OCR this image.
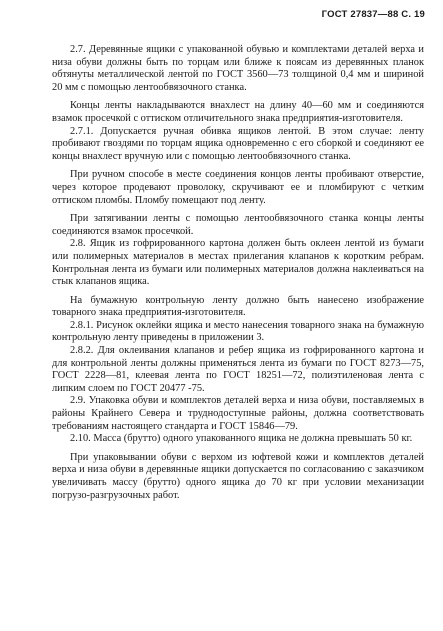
ГОСТ 27837—88 С. 19

2.7. Деревянные ящики с упакованной обувью и комплектами деталей верха и низа обуви должны быть по торцам или ближе к поясам из деревянных планок обтянуты металлической лентой по ГОСТ 3560—73 толщиной 0,4 мм и шириной 20 мм с помощью лентообвязочного станка.

Концы ленты накладываются внахлест на длину 40—60 мм и соединяются взамок просечкой с оттиском отличительного знака предприятия-изготовителя.

2.7.1. Допускается ручная обивка ящиков лентой. В этом случае: ленту пробивают гвоздями по торцам ящика одновременно с его сборкой и соединяют ее концы внахлест вручную или с помощью лентообвязочного станка.

При ручном способе в месте соединения концов ленты пробивают отверстие, через которое продевают проволоку, скручивают ее и пломбируют с четким оттиском пломбы. Пломбу помещают под ленту.

При затягивании ленты с помощью лентообвязочного станка концы ленты соединяются взамок просечкой.

2.8. Ящик из гофрированного картона должен быть оклеен лентой из бумаги или полимерных материалов в местах прилегания клапанов к коротким ребрам. Контрольная лента из бумаги или полимерных материалов должна наклеиваться на стык клапанов ящика.

На бумажную контрольную ленту должно быть нанесено изображение товарного знака предприятия-изготовителя.

2.8.1. Рисунок оклейки ящика и место нанесения товарного знака на бумажную контрольную ленту приведены в приложении 3.

2.8.2. Для оклеивания клапанов и ребер ящика из гофрированного картона и для контрольной ленты должны применяться лента из бумаги по ГОСТ 8273—75, ГОСТ 2228—81, клеевая лента по ГОСТ 18251—72, полиэтиленовая лента с липким слоем по ГОСТ 20477 -75.

2.9. Упаковка обуви и комплектов деталей верха и низа обуви, поставляемых в районы Крайнего Севера и труднодоступные районы, должна соответствовать требованиям настоящего стандарта и ГОСТ 15846—79.

2.10. Масса (брутто) одного упакованного ящика не должна превышать 50 кг.

При упаковывании обуви с верхом из юфтевой кожи и комплектов деталей верха и низа обуви в деревянные ящики допускается по согласованию с заказчиком увеличивать массу (брутто) одного ящика до 70 кг при условии механизации погрузо-разгрузочных работ.
